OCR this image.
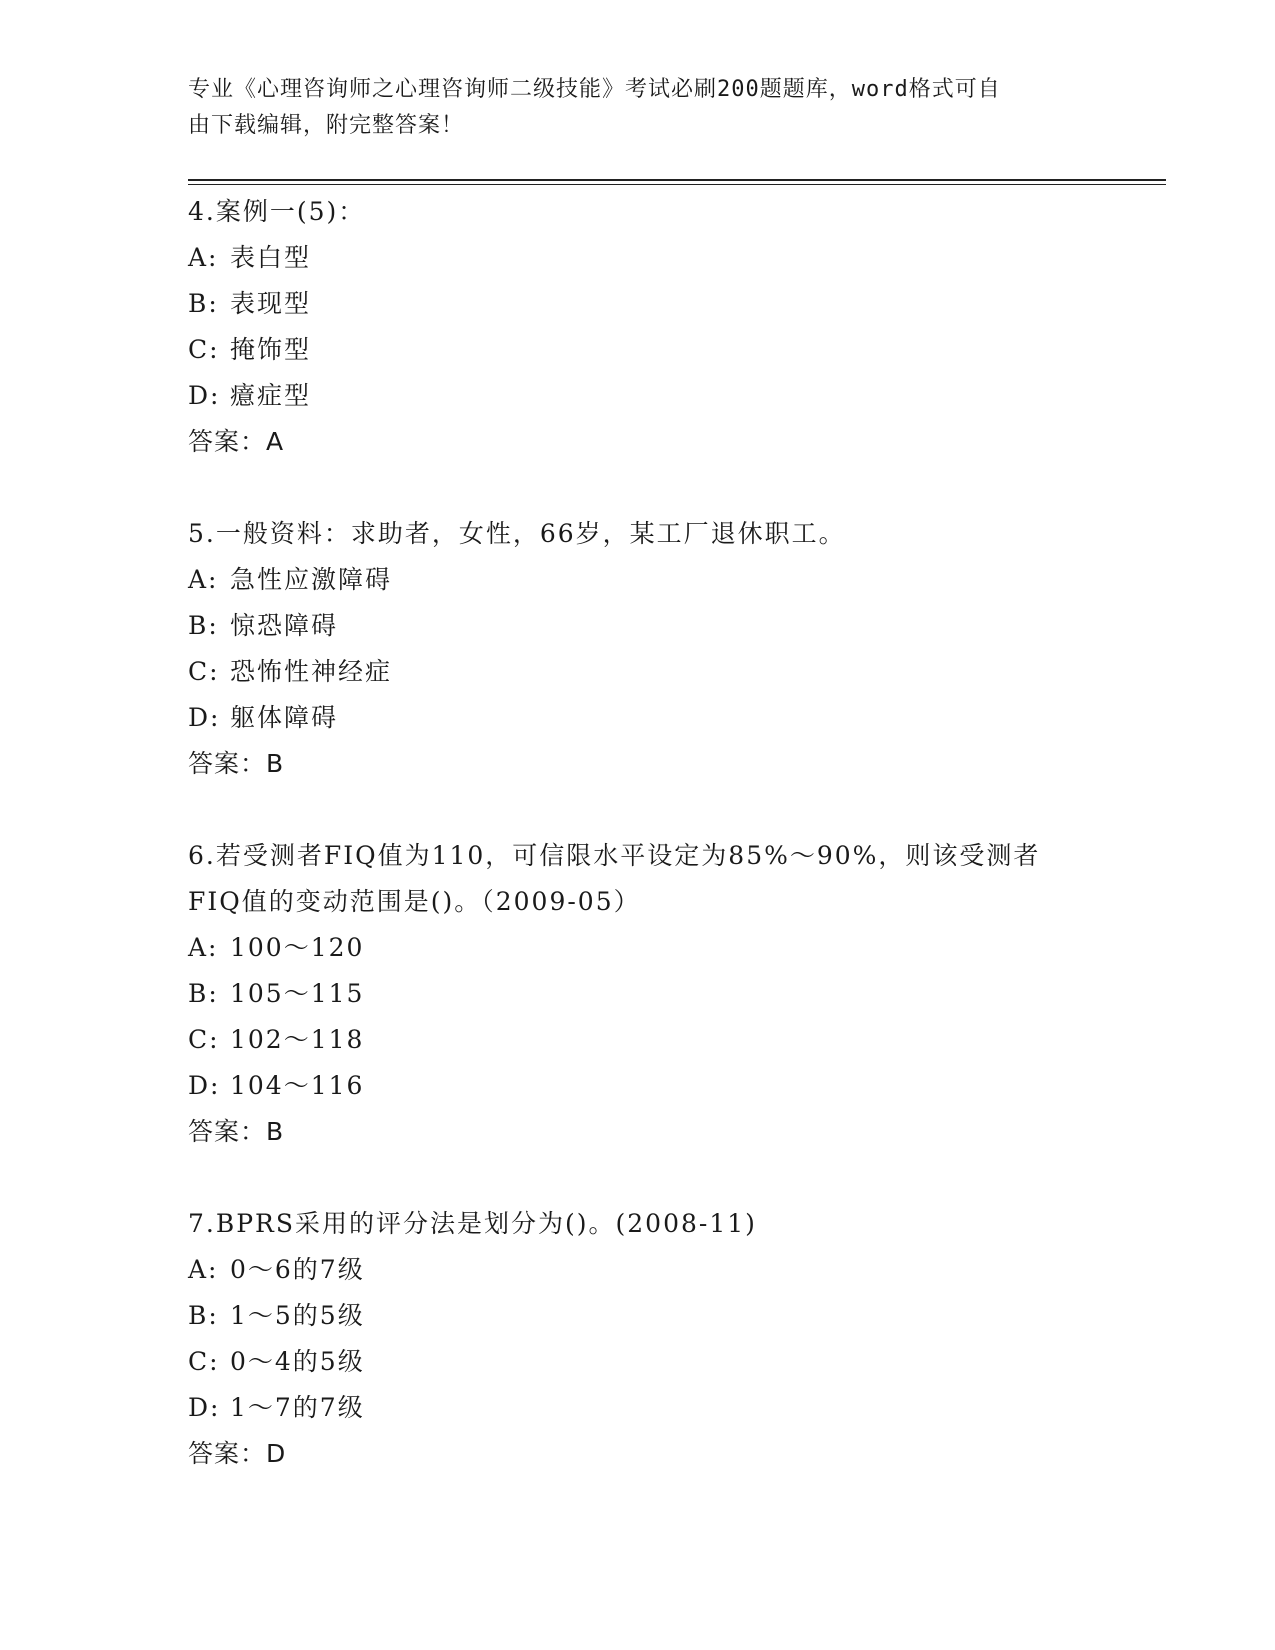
专业《心理咨询师之心理咨询师二级技能》考试必刷200题题库，word格式可自
由下载编辑，附完整答案！
4.案例一(5)：
A: 表白型
B: 表现型
C: 掩饰型
D: 癔症型
答案：A
5.一般资料：求助者，女性，66岁，某工厂退休职工。
A: 急性应激障碍
B: 惊恐障碍
C: 恐怖性神经症
D: 躯体障碍
答案：B
6.若受测者FIQ值为110，可信限水平设定为85%～90%，则该受测者
FIQ值的变动范围是()。（2009-05）
A: 100～120
B: 105～115
C: 102～118
D: 104～116
答案：B
7.BPRS采用的评分法是划分为()。(2008-11)
A: 0～6的7级
B: 1～5的5级
C: 0～4的5级
D: 1～7的7级
答案：D
